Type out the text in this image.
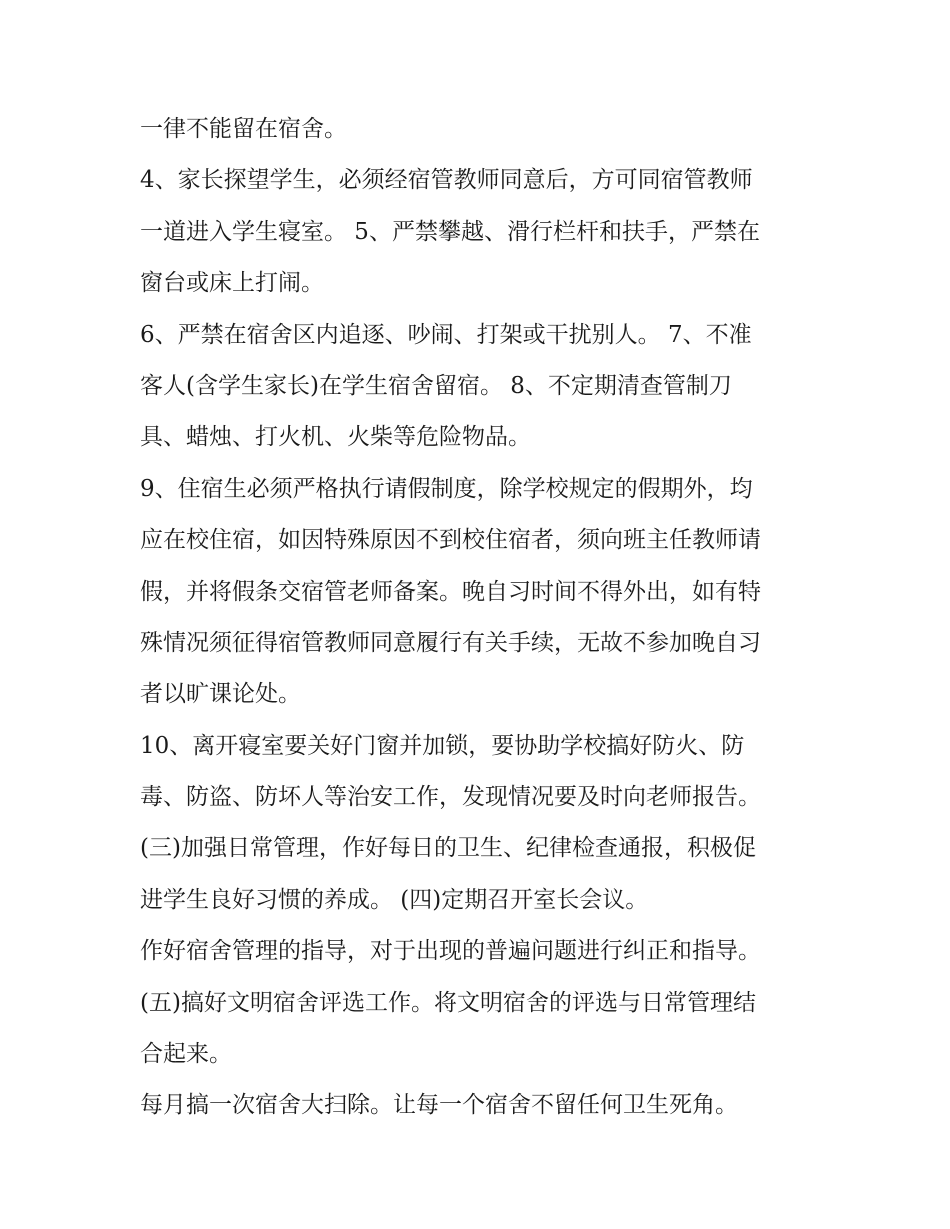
一律不能留在宿舍。
4、家长探望学生，必须经宿管教师同意后，方可同宿管教师
一道进入学生寝室。 5、严禁攀越、滑行栏杆和扶手，严禁在
窗台或床上打闹。
6、严禁在宿舍区内追逐、吵闹、打架或干扰别人。 7、不准
客人(含学生家长)在学生宿舍留宿。 8、不定期清查管制刀
具、蜡烛、打火机、火柴等危险物品。
9、住宿生必须严格执行请假制度，除学校规定的假期外，均
应在校住宿，如因特殊原因不到校住宿者，须向班主任教师请
假，并将假条交宿管老师备案。晚自习时间不得外出，如有特
殊情况须征得宿管教师同意履行有关手续，无故不参加晚自习
者以旷课论处。
10、离开寝室要关好门窗并加锁，要协助学校搞好防火、防
毒、防盗、防坏人等治安工作，发现情况要及时向老师报告。
(三)加强日常管理，作好每日的卫生、纪律检查通报，积极促
进学生良好习惯的养成。 (四)定期召开室长会议。
作好宿舍管理的指导，对于出现的普遍问题进行纠正和指导。
(五)搞好文明宿舍评选工作。将文明宿舍的评选与日常管理结
合起来。
每月搞一次宿舍大扫除。让每一个宿舍不留任何卫生死角。
